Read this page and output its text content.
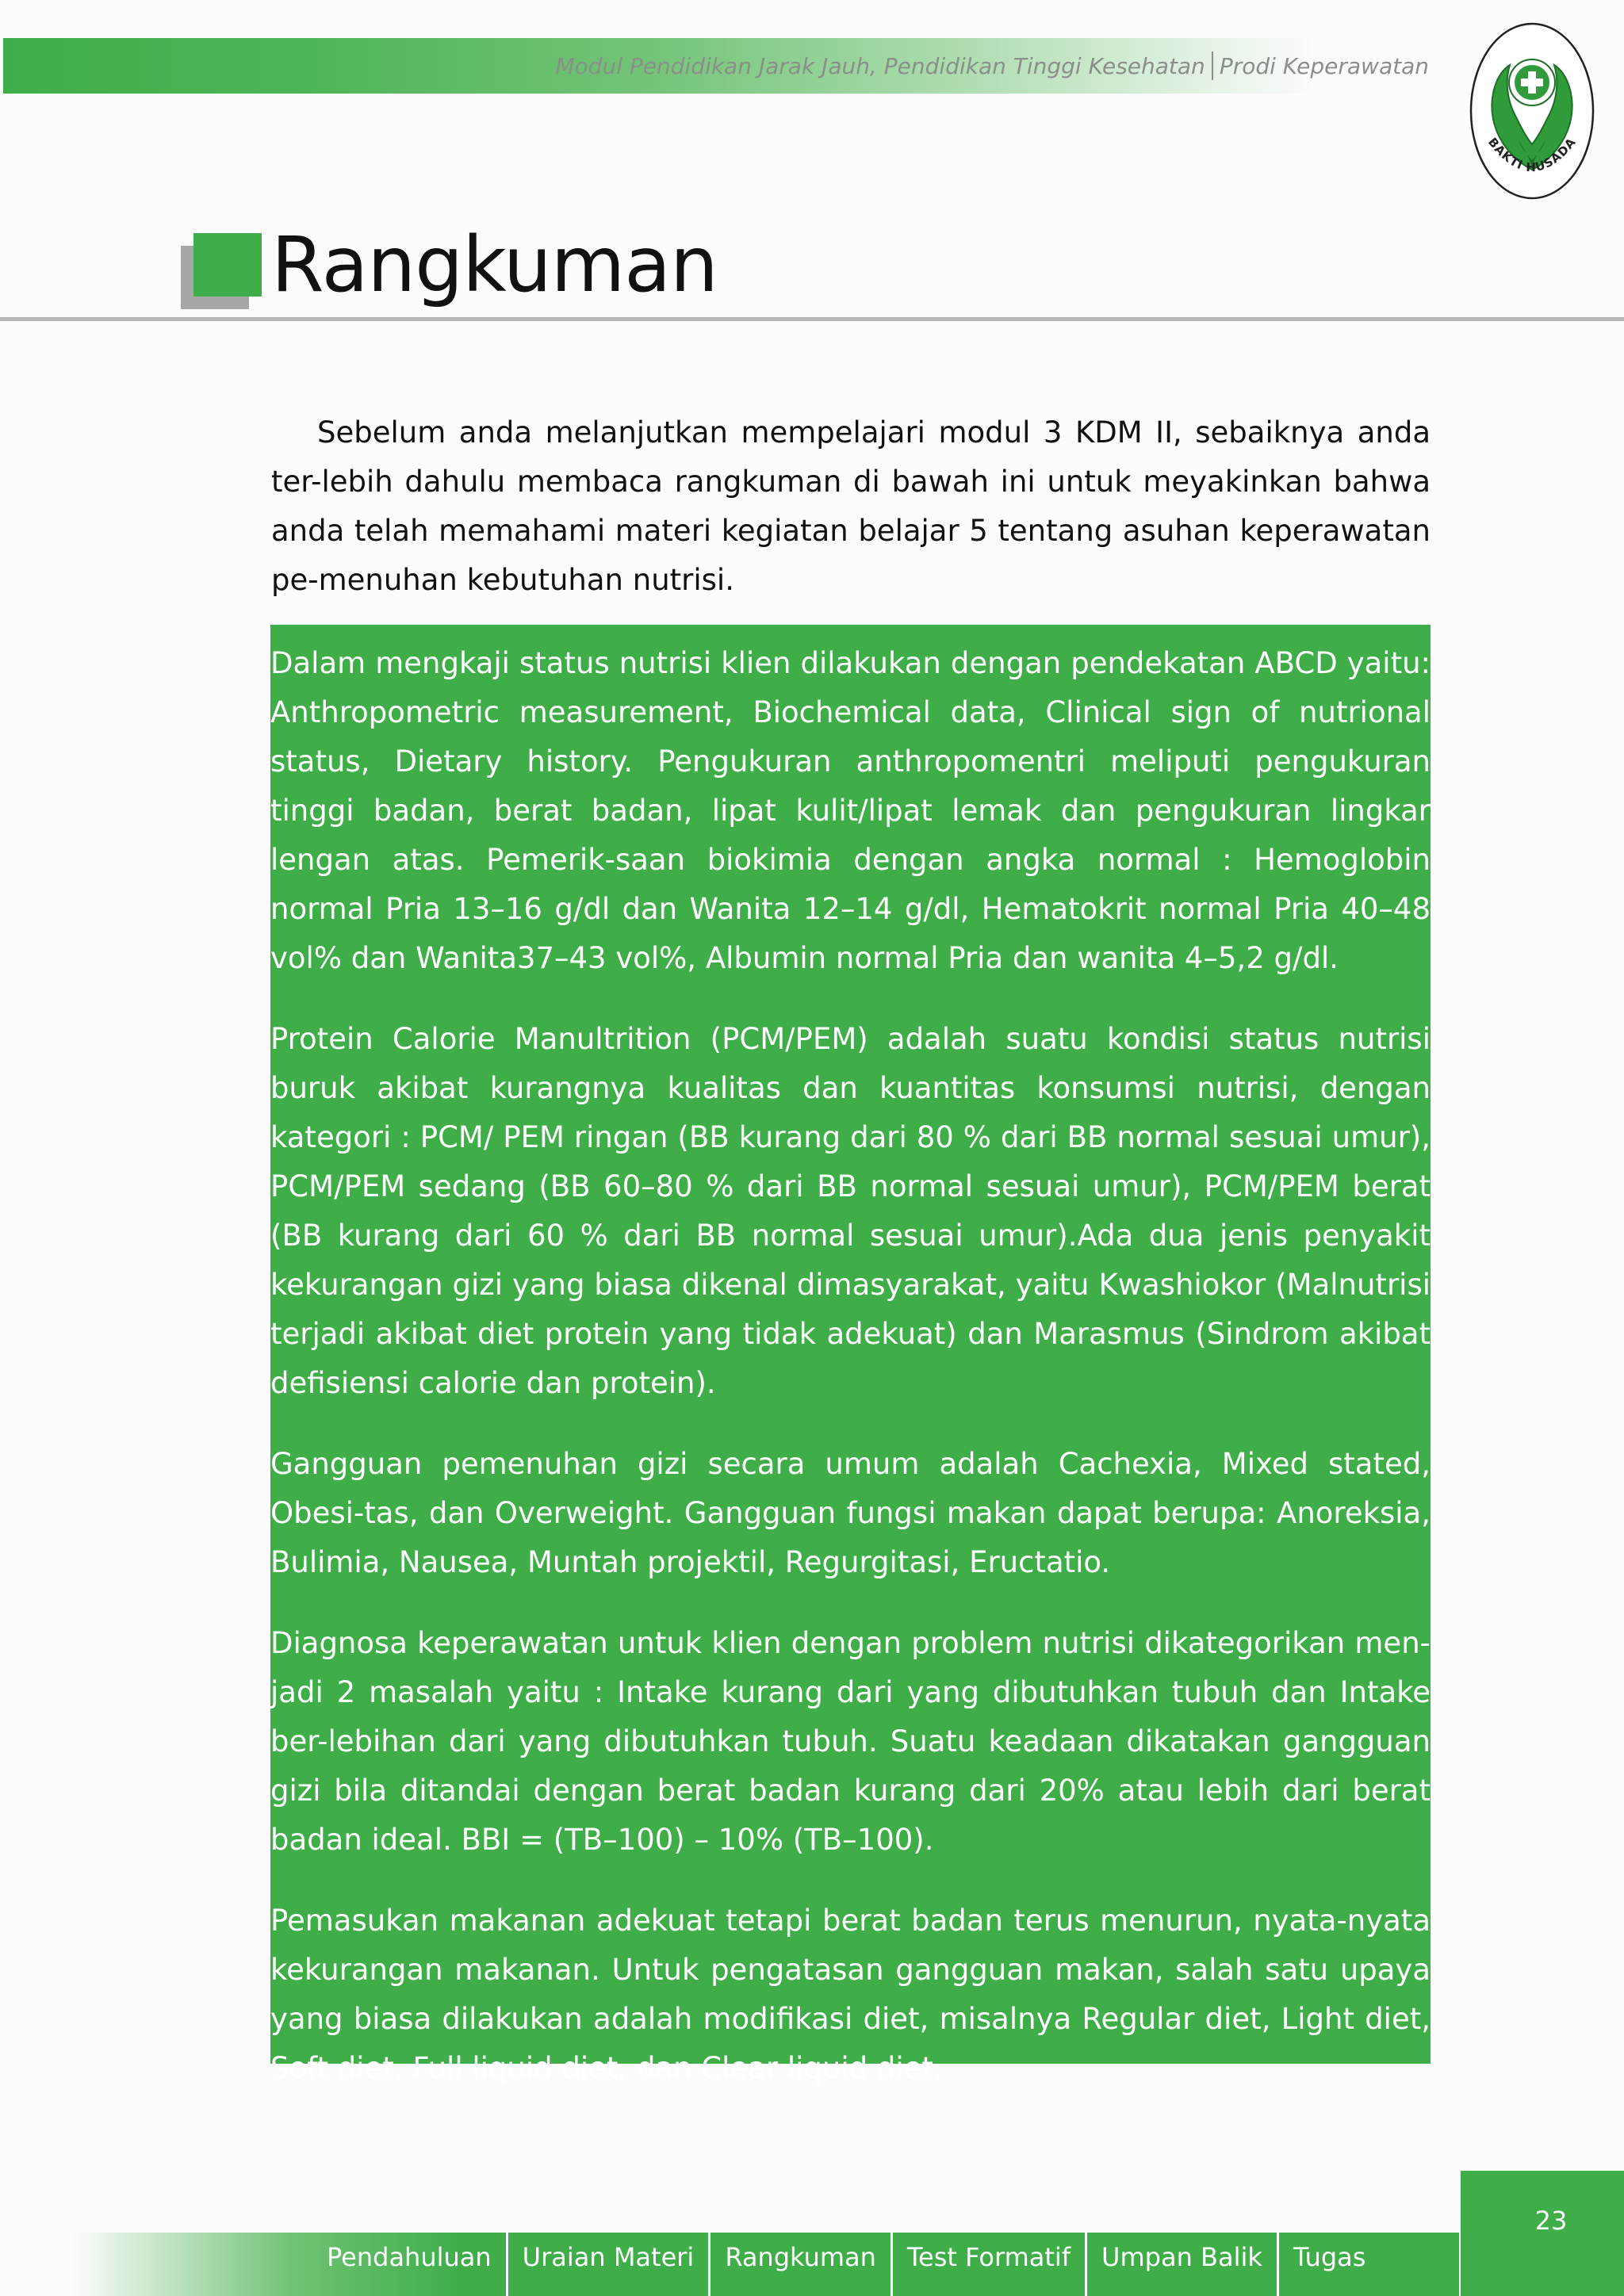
Modul Pendidikan Jarak Jauh, Pendidikan Tinggi Kesehatan Prodi Keperawatan
BAKTI HUSADA
Rangkuman

Sebelum anda melanjutkan mempelajari modul 3 KDM II, sebaiknya anda ter-lebih dahulu membaca rangkuman di bawah ini untuk meyakinkan bahwa anda telah memahami materi kegiatan belajar 5 tentang asuhan keperawatan pe-menuhan kebutuhan nutrisi.

Dalam mengkaji status nutrisi klien dilakukan dengan pendekatan ABCD yaitu: Anthropometric measurement, Biochemical data, Clinical sign of nutrional status, Dietary history. Pengukuran anthropomentri meliputi pengukuran tinggi badan, berat badan, lipat kulit/lipat lemak dan pengukuran lingkar lengan atas. Pemerik-saan biokimia dengan angka normal : Hemoglobin normal Pria 13–16 g/dl dan Wanita 12–14 g/dl, Hematokrit normal Pria 40–48 vol% dan Wanita37–43 vol%, Albumin normal Pria dan wanita 4–5,2 g/dl.

Protein Calorie Manultrition (PCM/PEM) adalah suatu kondisi status nutrisi buruk akibat kurangnya kualitas dan kuantitas konsumsi nutrisi, dengan kategori : PCM/ PEM ringan (BB kurang dari 80 % dari BB normal sesuai umur), PCM/PEM sedang (BB 60–80 % dari BB normal sesuai umur), PCM/PEM berat (BB kurang dari 60 % dari BB normal sesuai umur).Ada dua jenis penyakit kekurangan gizi yang biasa dikenal dimasyarakat, yaitu Kwashiokor (Malnutrisi terjadi akibat diet protein yang tidak adekuat) dan Marasmus (Sindrom akibat defisiensi calorie dan protein).

Gangguan pemenuhan gizi secara umum adalah Cachexia, Mixed stated, Obesi-tas, dan Overweight. Gangguan fungsi makan dapat berupa: Anoreksia, Bulimia, Nausea, Muntah projektil, Regurgitasi, Eructatio.

Diagnosa keperawatan untuk klien dengan problem nutrisi dikategorikan men-jadi 2 masalah yaitu : Intake kurang dari yang dibutuhkan tubuh dan Intake ber-lebihan dari yang dibutuhkan tubuh. Suatu keadaan dikatakan gangguan gizi bila ditandai dengan berat badan kurang dari 20% atau lebih dari berat badan ideal. BBI = (TB–100) – 10% (TB–100).

Pemasukan makanan adekuat tetapi berat badan terus menurun, nyata-nyata kekurangan makanan. Untuk pengatasan gangguan makan, salah satu upaya yang biasa dilakukan adalah modifikasi diet, misalnya Regular diet, Light diet, Soft diet, Full liquid diet, dan Clear liquid diet.

23
Pendahuluan	Uraian Materi	Rangkuman	Test Formatif	Umpan Balik	Tugas
